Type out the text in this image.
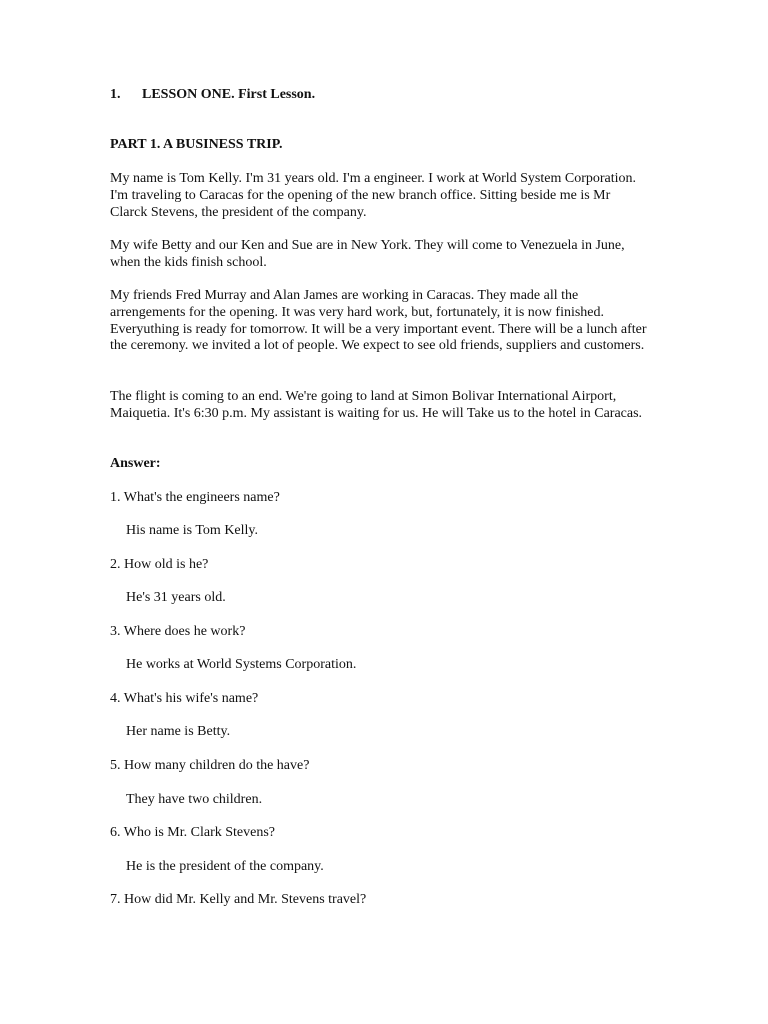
1. LESSON ONE. First Lesson.

PART 1. A BUSINESS TRIP.

My name is Tom Kelly. I'm 31 years old. I'm a engineer. I work at World System Corporation. I'm traveling to Caracas for the opening of the new branch office. Sitting beside me is Mr Clarck Stevens, the president of the company.

My wife Betty and our Ken and Sue are in New York. They will come to Venezuela in June, when the kids finish school.

My friends Fred Murray and Alan James are working in Caracas. They made all the arrengements for the opening. It was very hard work, but, fortunately, it is now finished. Everyuthing is ready for tomorrow. It will be a very important event. There will be a lunch after the ceremony. we invited a lot of people. We expect to see old friends, suppliers and customers.

The flight is coming to an end. We're going to land at Simon Bolivar International Airport, Maiquetia. It's 6:30 p.m. My assistant is waiting for us. He will Take us to the hotel in Caracas.

Answer:

1. What's the engineers name?

His name is Tom Kelly.

2. How old is he?

He's 31 years old.

3. Where does he work?

He works at World Systems Corporation.

4. What's his wife's name?

Her name is Betty.

5. How many children do the have?

They have two children.

6. Who is Mr. Clark Stevens?

He is the president of the company.

7. How did Mr. Kelly and Mr. Stevens travel?
